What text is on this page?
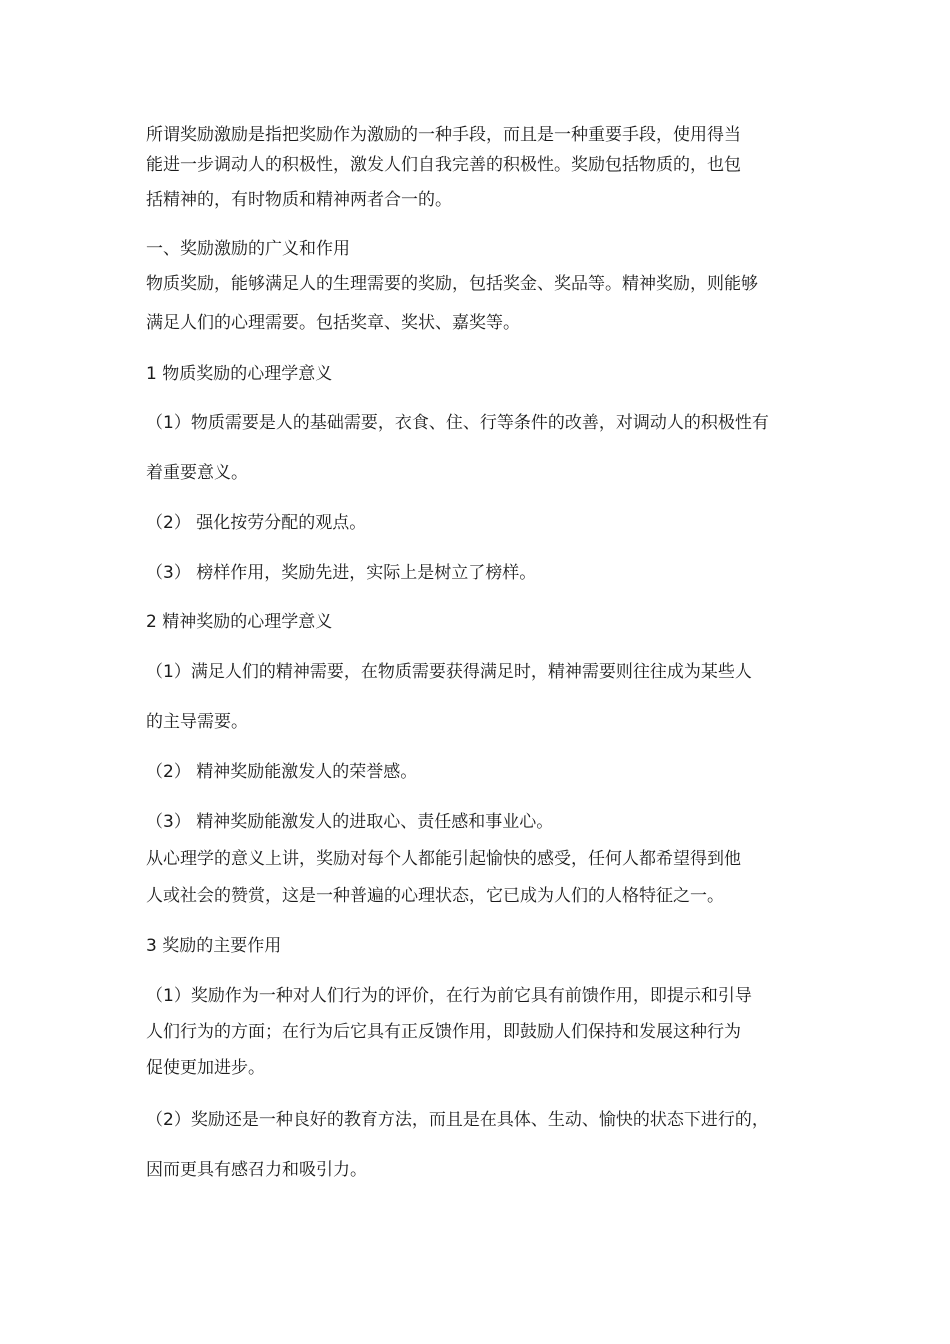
所谓奖励激励是指把奖励作为激励的一种手段，而且是一种重要手段，使用得当

能进一步调动人的积极性，激发人们自我完善的积极性。奖励包括物质的，也包

括精神的，有时物质和精神两者合一的。

一、奖励激励的广义和作用

物质奖励，能够满足人的生理需要的奖励，包括奖金、奖品等。精神奖励，则能够

满足人们的心理需要。包括奖章、奖状、嘉奖等。

1 物质奖励的心理学意义

（1）物质需要是人的基础需要，衣食、住、行等条件的改善，对调动人的积极性有

着重要意义。

（2） 强化按劳分配的观点。

（3） 榜样作用，奖励先进，实际上是树立了榜样。

2 精神奖励的心理学意义

（1）满足人们的精神需要，在物质需要获得满足时，精神需要则往往成为某些人

的主导需要。

（2） 精神奖励能激发人的荣誉感。

（3） 精神奖励能激发人的进取心、责任感和事业心。

从心理学的意义上讲，奖励对每个人都能引起愉快的感受，任何人都希望得到他

人或社会的赞赏，这是一种普遍的心理状态，它已成为人们的人格特征之一。

3 奖励的主要作用

（1）奖励作为一种对人们行为的评价，在行为前它具有前馈作用，即提示和引导

人们行为的方面；在行为后它具有正反馈作用，即鼓励人们保持和发展这种行为

促使更加进步。

（2）奖励还是一种良好的教育方法，而且是在具体、生动、愉快的状态下进行的，

因而更具有感召力和吸引力。
